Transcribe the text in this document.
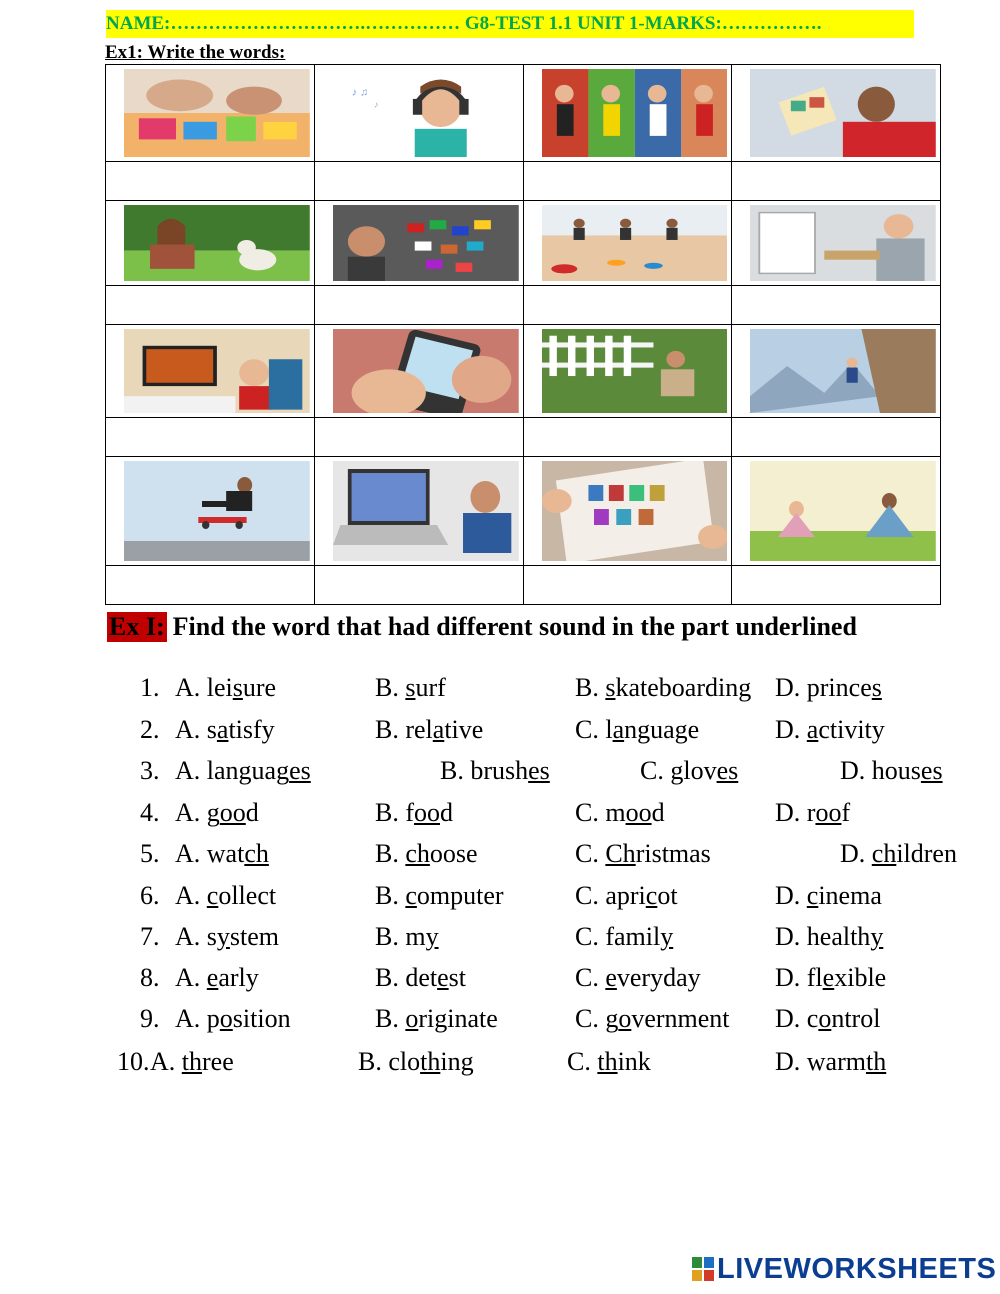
NAME:………………………….…………… G8-TEST 1.1 UNIT 1-MARKS:…………….
Ex1: Write the words:
♪ ♫
♪
Ex I: Find the word that had different sound in the part underlined
1. A. leisure	B. surf	B. skateboarding D. princes
2. A. satisfy	B. relative	C. language	D. activity
3. A. languages	B. brushes	C. gloves	D. houses
4. A. good	B. food	C. mood	D. roof
5. A. watch	B. choose	C. Christmas	D. children
6. A. collect	B. computer	C. apricot	D. cinema
7. A. system	B. my	C. family	D. healthy
8. A. early	B. detest	C. everyday	D. flexible
9. A. position	B. originate	C. government D. control
10. A. three	B. clothing	C. think	D. warmth
LIVEWORKSHEETS
